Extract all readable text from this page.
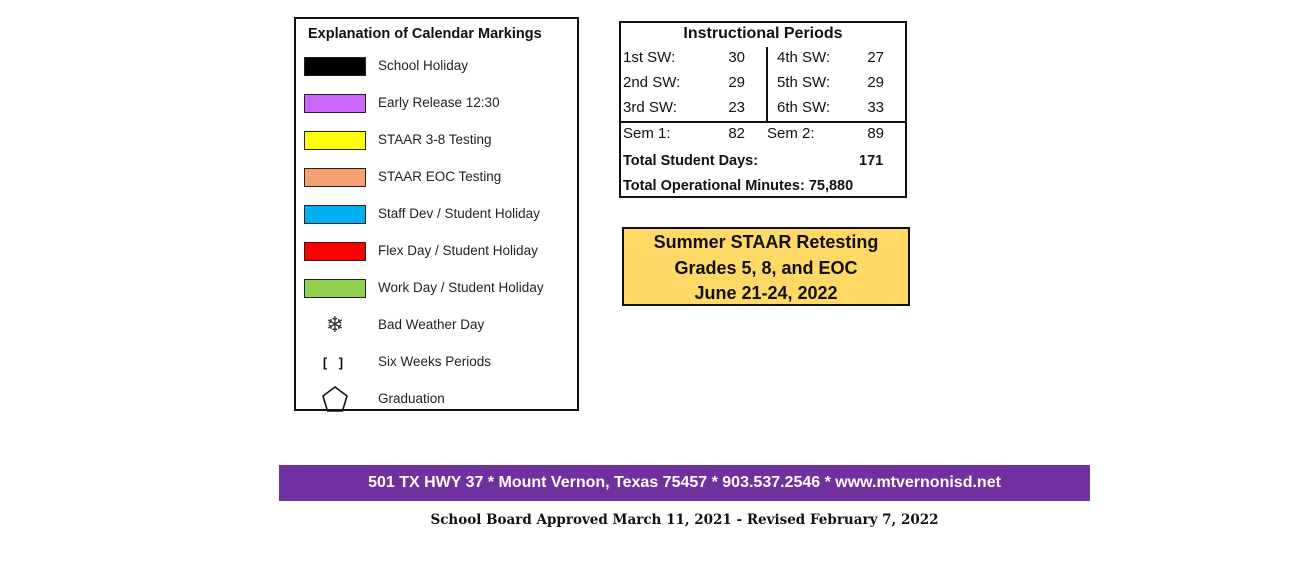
Explanation of Calendar Markings
School Holiday
Early Release 12:30
STAAR 3-8 Testing
STAAR EOC Testing
Staff Dev / Student Holiday
Flex Day / Student Holiday
Work Day / Student Holiday
❄	Bad Weather Day
[ ]	Six Weeks Periods
Graduation
Instructional Periods
1st SW:	30 4th SW:	27
2nd SW:	29 5th SW:	29
3rd SW:	23 6th SW:	33
Sem 1:	82 Sem 2:	89
Total Student Days:	171
Total Operational Minutes: 75,880
Summer STAAR Retesting
Grades 5, 8, and EOC
June 21-24, 2022
501 TX HWY 37 * Mount Vernon, Texas 75457 * 903.537.2546 * www.mtvernonisd.net
School Board Approved March 11, 2021 - Revised February 7, 2022
